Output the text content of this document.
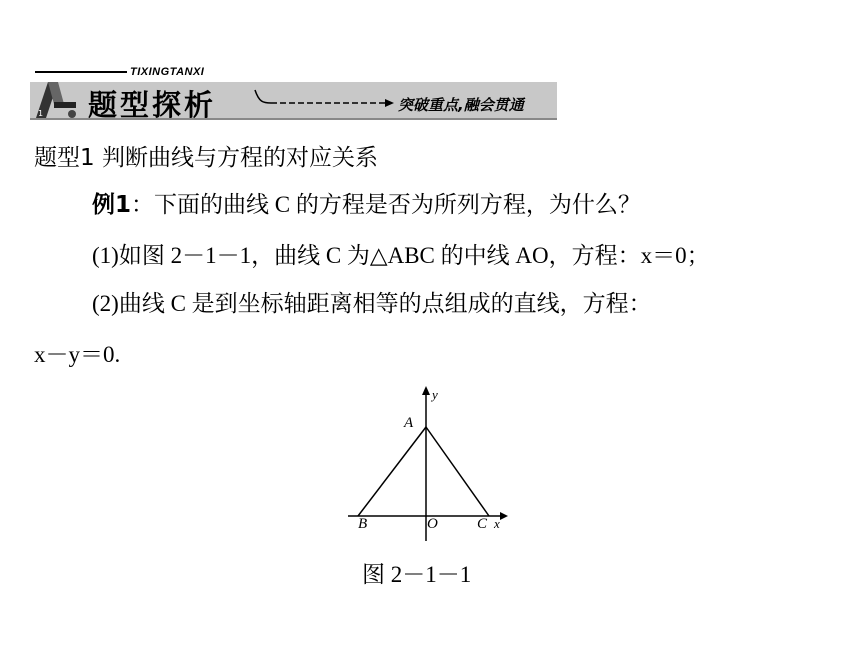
TIXINGTANXI
1 题型探析	突破重点,融会贯通
题型1 判断曲线与方程的对应关系
例1：下面的曲线 C 的方程是否为所列方程，为什么？
(1)如图 2－1－1，曲线 C 为△ABC 的中线 AO，方程：x＝0；
(2)曲线 C 是到坐标轴距离相等的点组成的直线，方程：
x－y＝0.
y
A
B	O	C x
图 2－1－1
